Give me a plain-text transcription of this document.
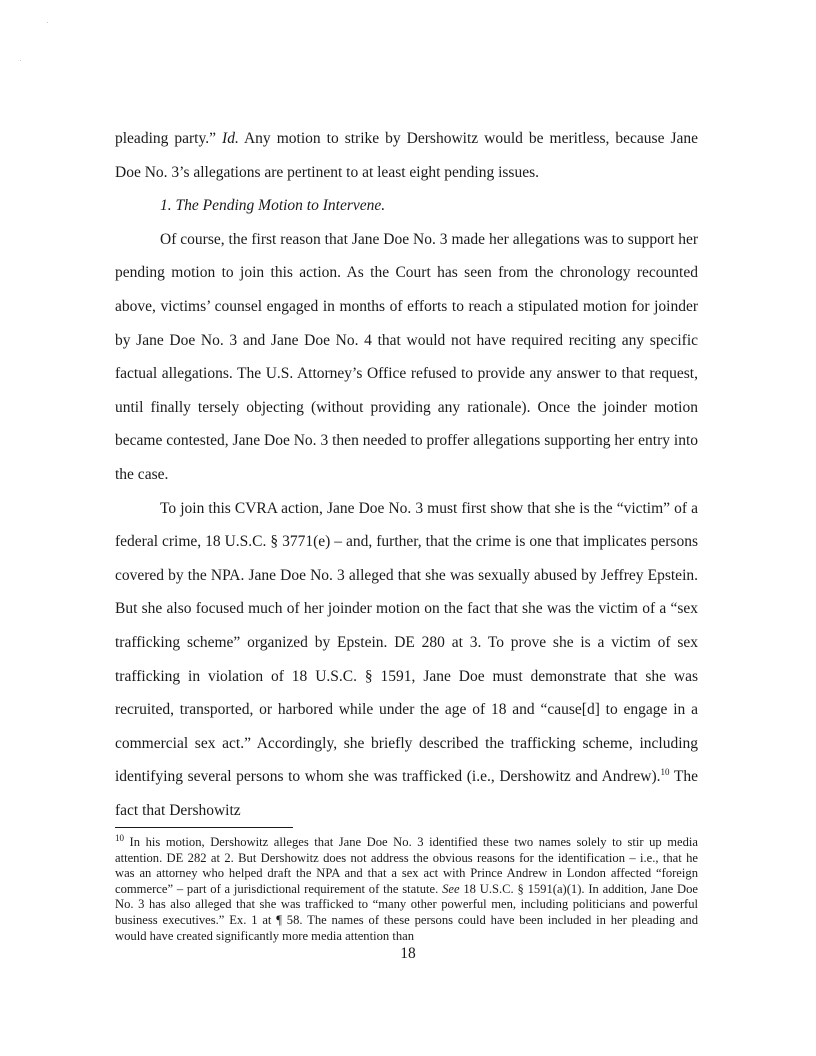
pleading party.” Id. Any motion to strike by Dershowitz would be meritless, because Jane Doe No. 3’s allegations are pertinent to at least eight pending issues.

1. The Pending Motion to Intervene.

Of course, the first reason that Jane Doe No. 3 made her allegations was to support her pending motion to join this action. As the Court has seen from the chronology recounted above, victims’ counsel engaged in months of efforts to reach a stipulated motion for joinder by Jane Doe No. 3 and Jane Doe No. 4 that would not have required reciting any specific factual allegations. The U.S. Attorney’s Office refused to provide any answer to that request, until finally tersely objecting (without providing any rationale). Once the joinder motion became contested, Jane Doe No. 3 then needed to proffer allegations supporting her entry into the case.

To join this CVRA action, Jane Doe No. 3 must first show that she is the “victim” of a federal crime, 18 U.S.C. § 3771(e) – and, further, that the crime is one that implicates persons covered by the NPA. Jane Doe No. 3 alleged that she was sexually abused by Jeffrey Epstein. But she also focused much of her joinder motion on the fact that she was the victim of a “sex trafficking scheme” organized by Epstein. DE 280 at 3. To prove she is a victim of sex trafficking in violation of 18 U.S.C. § 1591, Jane Doe must demonstrate that she was recruited, transported, or harbored while under the age of 18 and “cause[d] to engage in a commercial sex act.” Accordingly, she briefly described the trafficking scheme, including identifying several persons to whom she was trafficked (i.e., Dershowitz and Andrew).$^{10}$ The fact that Dershowitz

$^{10}$ In his motion, Dershowitz alleges that Jane Doe No. 3 identified these two names solely to stir up media attention. DE 282 at 2. But Dershowitz does not address the obvious reasons for the identification – i.e., that he was an attorney who helped draft the NPA and that a sex act with Prince Andrew in London affected “foreign commerce” – part of a jurisdictional requirement of the statute. See 18 U.S.C. § 1591(a)(1). In addition, Jane Doe No. 3 has also alleged that she was trafficked to “many other powerful men, including politicians and powerful business executives.” Ex. 1 at ¶ 58. The names of these persons could have been included in her pleading and would have created significantly more media attention than

18
